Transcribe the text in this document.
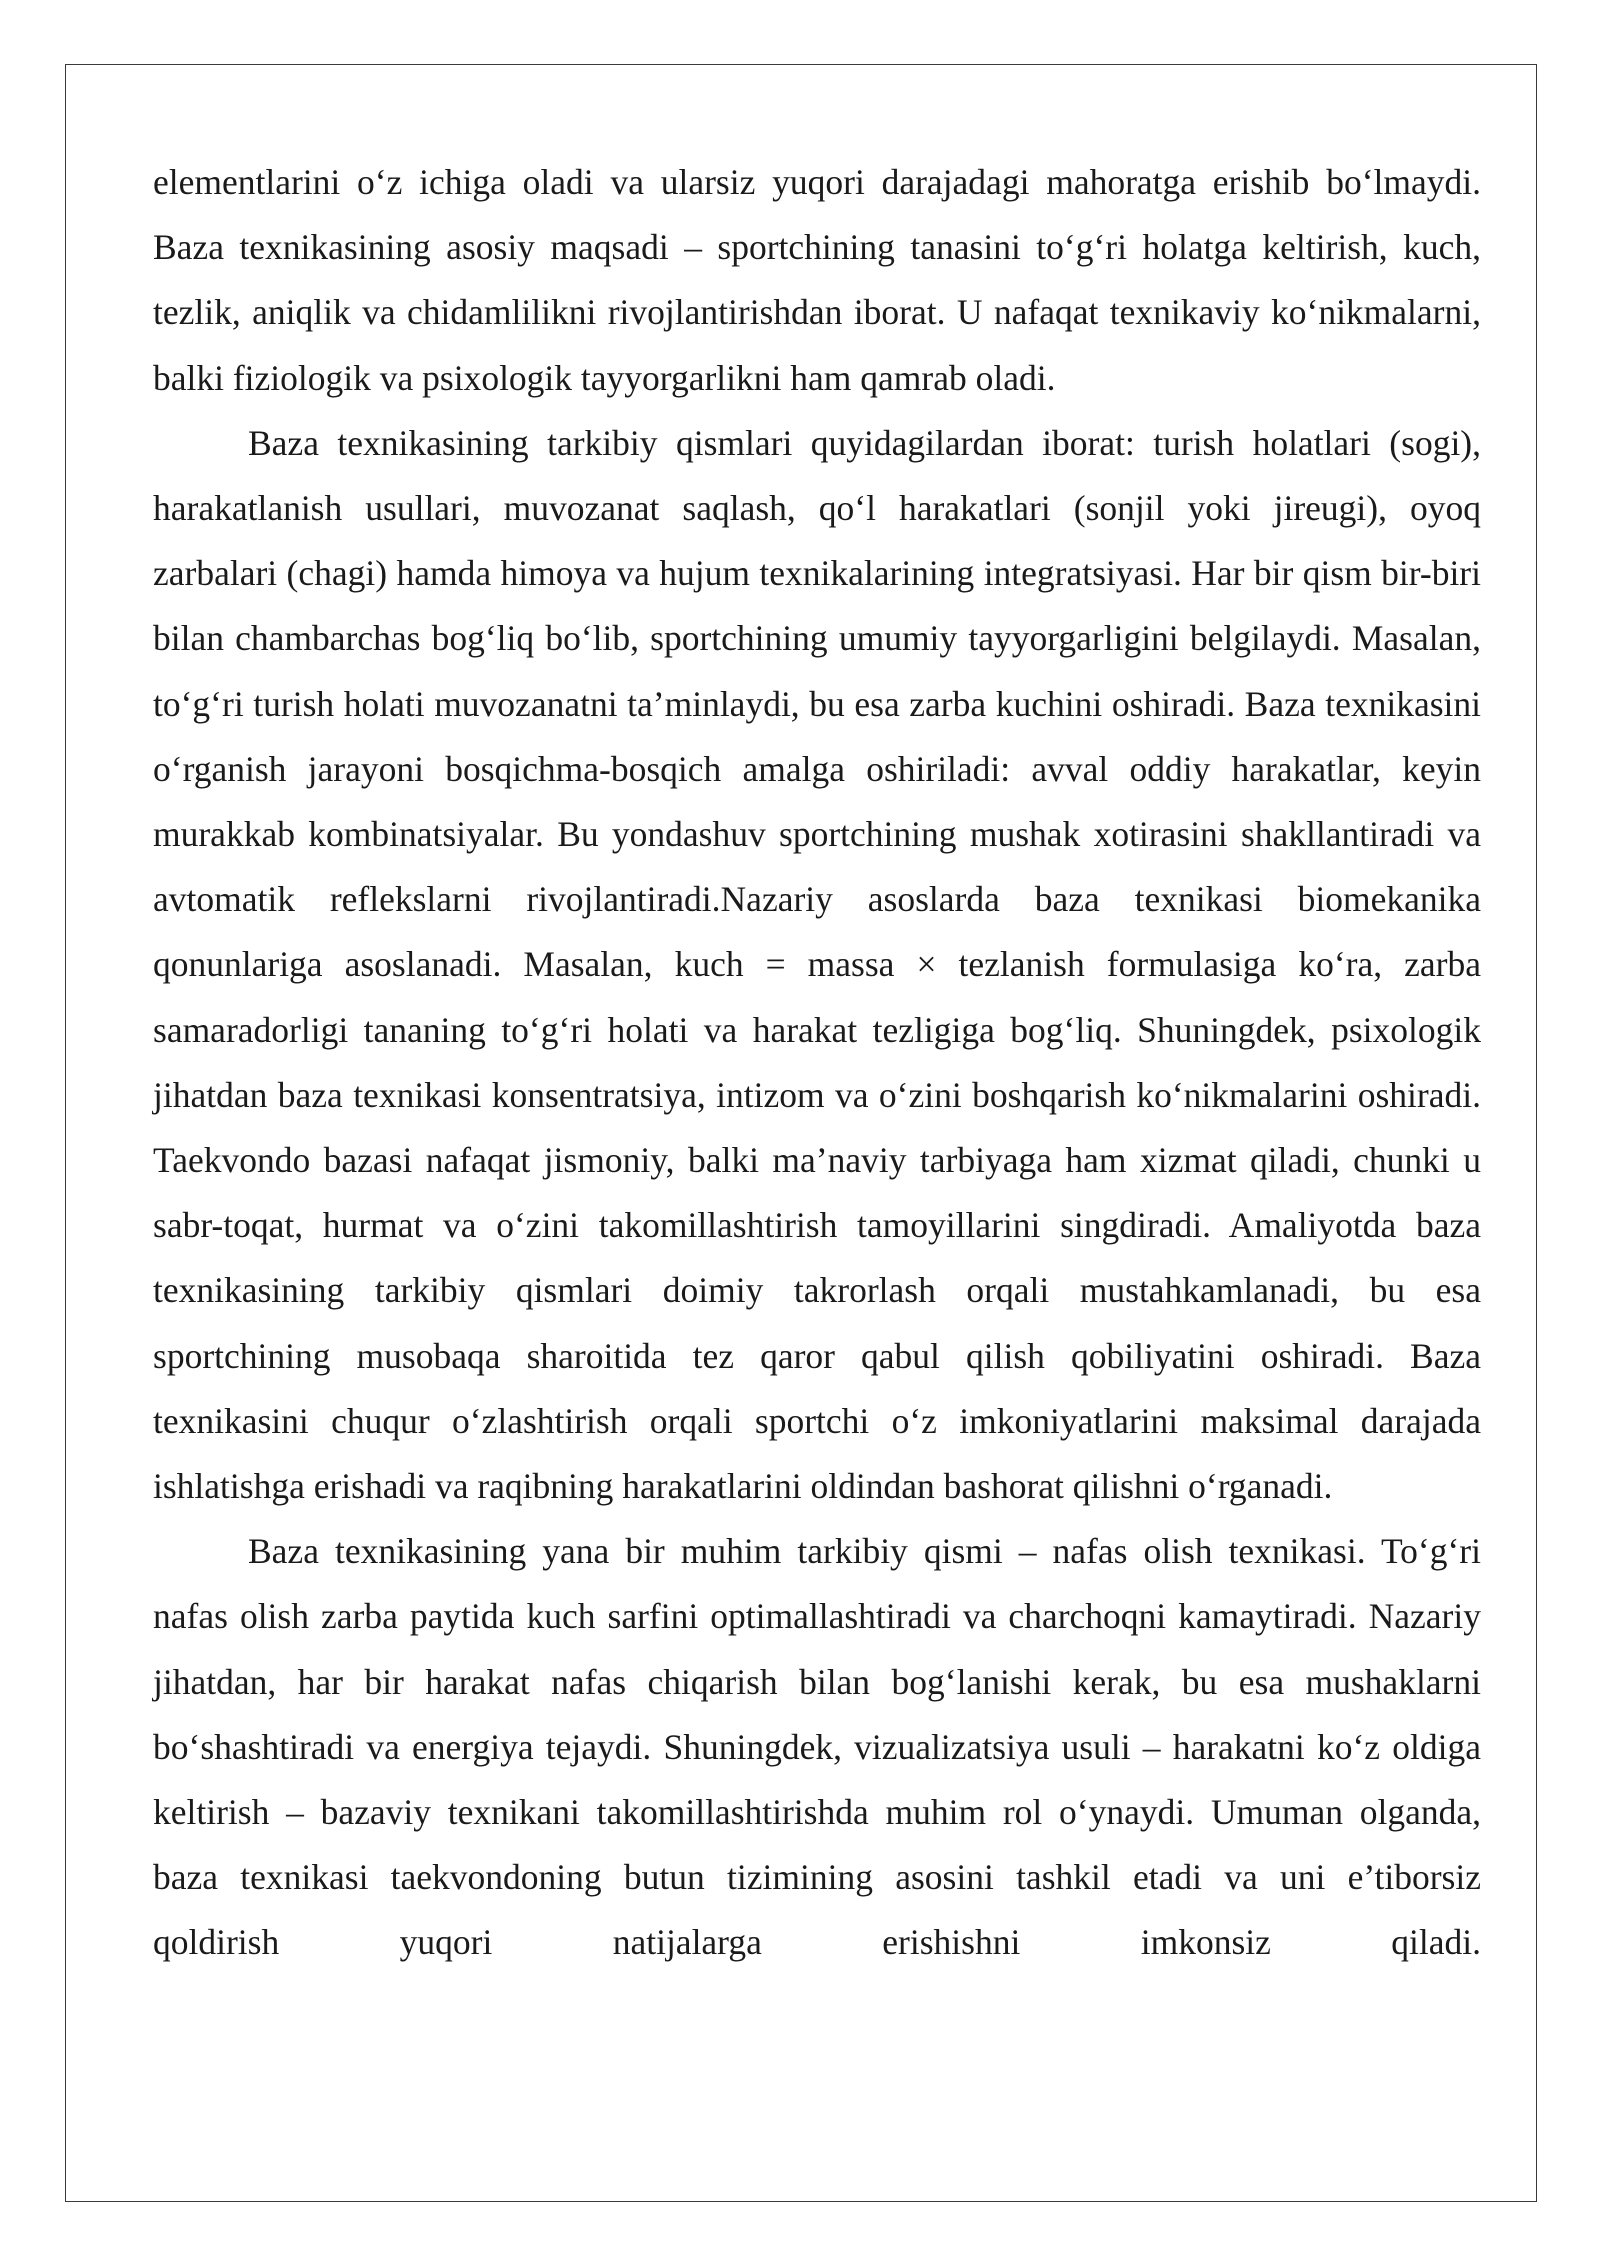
elementlarini o‘z ichiga oladi va ularsiz yuqori darajadagi mahoratga erishib bo‘lmaydi. Baza texnikasining asosiy maqsadi – sportchining tanasini to‘g‘ri holatga keltirish, kuch, tezlik, aniqlik va chidamlilikni rivojlantirishdan iborat. U nafaqat texnikaviy ko‘nikmalarni, balki fiziologik va psixologik tayyorgarlikni ham qamrab oladi.

Baza texnikasining tarkibiy qismlari quyidagilardan iborat: turish holatlari (sogi), harakatlanish usullari, muvozanat saqlash, qo‘l harakatlari (sonjil yoki jireugi), oyoq zarbalari (chagi) hamda himoya va hujum texnikalarining integratsiyasi. Har bir qism bir-biri bilan chambarchas bog‘liq bo‘lib, sportchining umumiy tayyorgarligini belgilaydi. Masalan, to‘g‘ri turish holati muvozanatni ta’minlaydi, bu esa zarba kuchini oshiradi. Baza texnikasini o‘rganish jarayoni bosqichma-bosqich amalga oshiriladi: avval oddiy harakatlar, keyin murakkab kombinatsiyalar. Bu yondashuv sportchining mushak xotirasini shakllantiradi va avtomatik reflekslarni rivojlantiradi.Nazariy asoslarda baza texnikasi biomekanika qonunlariga asoslanadi. Masalan, kuch = massa × tezlanish formulasiga ko‘ra, zarba samaradorligi tananing to‘g‘ri holati va harakat tezligiga bog‘liq. Shuningdek, psixologik jihatdan baza texnikasi konsentratsiya, intizom va o‘zini boshqarish ko‘nikmalarini oshiradi. Taekvondo bazasi nafaqat jismoniy, balki ma’naviy tarbiyaga ham xizmat qiladi, chunki u sabr-toqat, hurmat va o‘zini takomillashtirish tamoyillarini singdiradi. Amaliyotda baza texnikasining tarkibiy qismlari doimiy takrorlash orqali mustahkamlanadi, bu esa sportchining musobaqa sharoitida tez qaror qabul qilish qobiliyatini oshiradi. Baza texnikasini chuqur o‘zlashtirish orqali sportchi o‘z imkoniyatlarini maksimal darajada ishlatishga erishadi va raqibning harakatlarini oldindan bashorat qilishni o‘rganadi.

Baza texnikasining yana bir muhim tarkibiy qismi – nafas olish texnikasi. To‘g‘ri nafas olish zarba paytida kuch sarfini optimallashtiradi va charchoqni kamaytiradi. Nazariy jihatdan, har bir harakat nafas chiqarish bilan bog‘lanishi kerak, bu esa mushaklarni bo‘shashtiradi va energiya tejaydi. Shuningdek, vizualizatsiya usuli – harakatni ko‘z oldiga keltirish – bazaviy texnikani takomillashtirishda muhim rol o‘ynaydi. Umuman olganda, baza texnikasi taekvondoning butun tizimining asosini tashkil etadi va uni e’tiborsiz qoldirish yuqori natijalarga erishishni imkonsiz qiladi.
